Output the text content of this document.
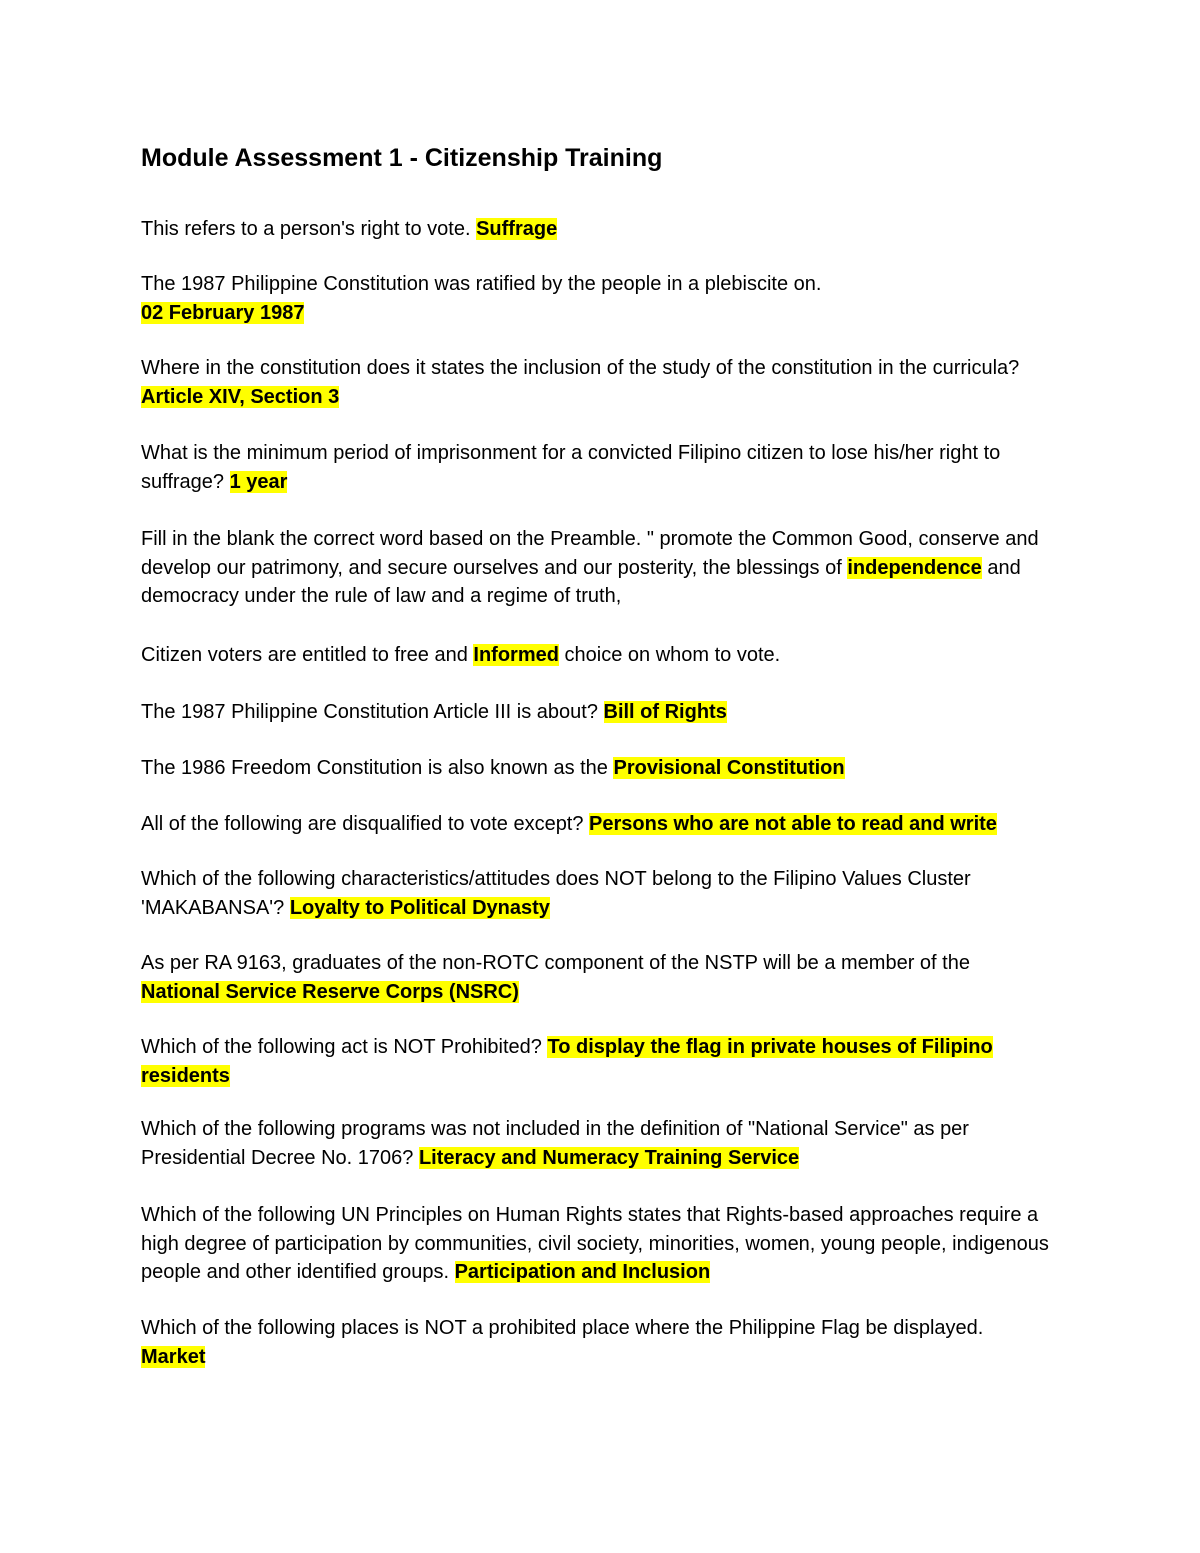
Module Assessment 1 - Citizenship Training

This refers to a person's right to vote. Suffrage

The 1987 Philippine Constitution was ratified by the people in a plebiscite on.
02 February 1987

Where in the constitution does it states the inclusion of the study of the constitution in the curricula? Article XIV, Section 3

What is the minimum period of imprisonment for a convicted Filipino citizen to lose his/her right to suffrage? 1 year

Fill in the blank the correct word based on the Preamble. " promote the Common Good, conserve and develop our patrimony, and secure ourselves and our posterity, the blessings of independence and democracy under the rule of law and a regime of truth,

Citizen voters are entitled to free and Informed choice on whom to vote.

The 1987 Philippine Constitution Article III is about? Bill of Rights

The 1986 Freedom Constitution is also known as the Provisional Constitution

All of the following are disqualified to vote except? Persons who are not able to read and write

Which of the following characteristics/attitudes does NOT belong to the Filipino Values Cluster 'MAKABANSA'? Loyalty to Political Dynasty

As per RA 9163, graduates of the non-ROTC component of the NSTP will be a member of the
National Service Reserve Corps (NSRC)

Which of the following act is NOT Prohibited? To display the flag in private houses of Filipino residents

Which of the following programs was not included in the definition of "National Service" as per Presidential Decree No. 1706? Literacy and Numeracy Training Service

Which of the following UN Principles on Human Rights states that Rights-based approaches require a high degree of participation by communities, civil society, minorities, women, young people, indigenous people and other identified groups. Participation and Inclusion

Which of the following places is NOT a prohibited place where the Philippine Flag be displayed.
Market
